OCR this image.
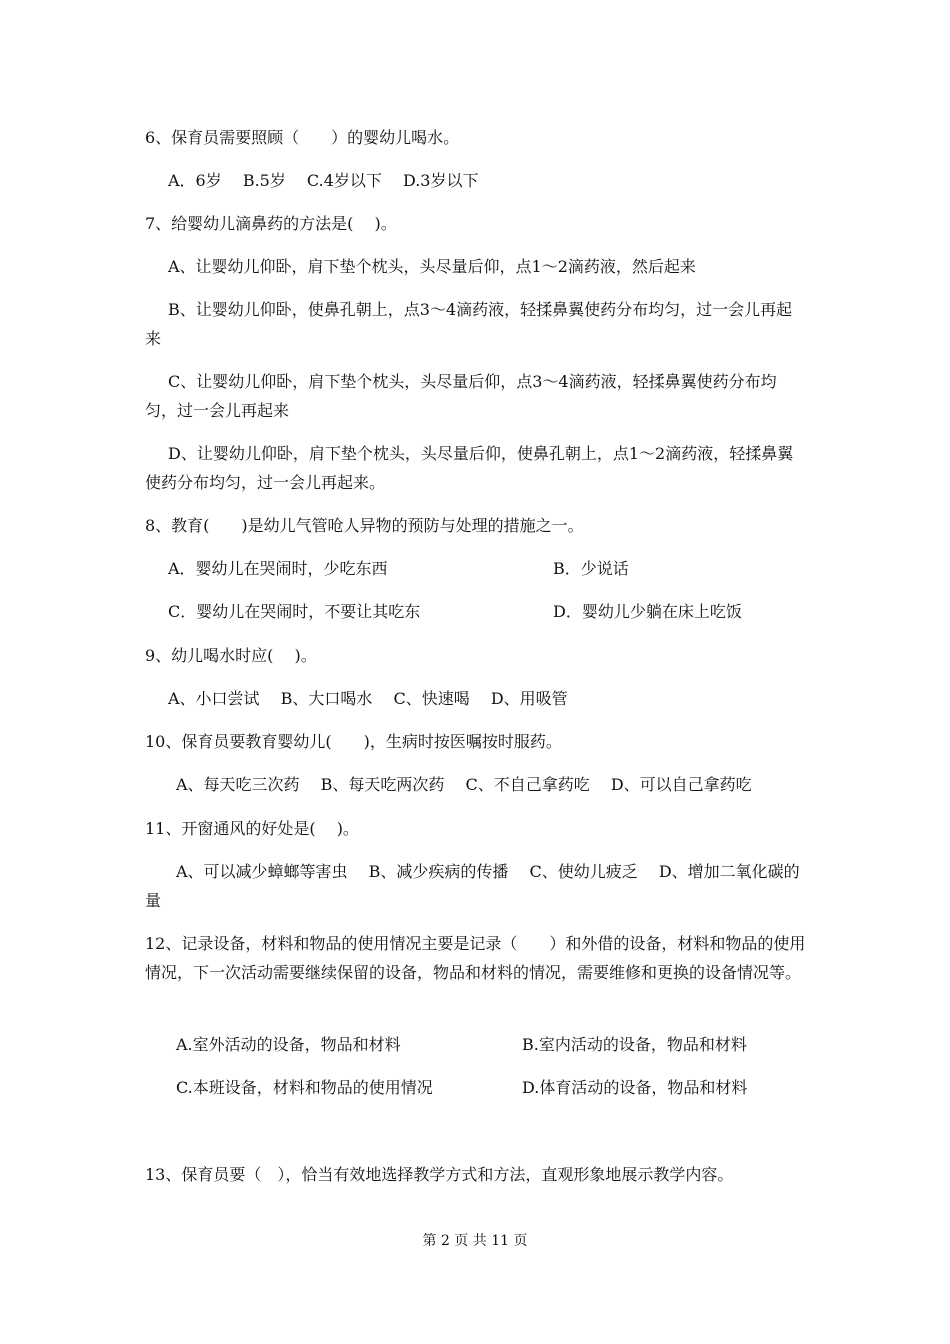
6、保育员需要照顾（　　）的婴幼儿喝水。
A．6岁　 B.5岁　 C.4岁以下　 D.3岁以下
7、给婴幼儿滴鼻药的方法是(　 )。
A、让婴幼儿仰卧，肩下垫个枕头，头尽量后仰，点1～2滴药液，然后起来
B、让婴幼儿仰卧，使鼻孔朝上，点3～4滴药液，轻揉鼻翼使药分布均匀，过一会儿再起来
C、让婴幼儿仰卧，肩下垫个枕头，头尽量后仰，点3～4滴药液，轻揉鼻翼使药分布均匀，过一会儿再起来
D、让婴幼儿仰卧，肩下垫个枕头，头尽量后仰，使鼻孔朝上，点1～2滴药液，轻揉鼻翼使药分布均匀，过一会儿再起来。
8、教育(　　)是幼儿气管呛人异物的预防与处理的措施之一。
A．婴幼儿在哭闹时，少吃东西	B．少说话
C．婴幼儿在哭闹时，不要让其吃东	D．婴幼儿少躺在床上吃饭
9、幼儿喝水时应(　 )。
A、小口尝试　 B、大口喝水　 C、快速喝　 D、用吸管
10、保育员要教育婴幼儿(　　)，生病时按医嘱按时服药。
A、每天吃三次药　 B、每天吃两次药　 C、不自己拿药吃　 D、可以自己拿药吃
11、开窗通风的好处是(　 )。
A、可以减少蟑螂等害虫　 B、减少疾病的传播　 C、使幼儿疲乏　 D、增加二氧化碳的量
12、记录设备，材料和物品的使用情况主要是记录（　　）和外借的设备，材料和物品的使用情况，下一次活动需要继续保留的设备，物品和材料的情况，需要维修和更换的设备情况等。
A.室外活动的设备，物品和材料	B.室内活动的设备，物品和材料
C.本班设备，材料和物品的使用情况	D.体育活动的设备，物品和材料
13、保育员要（　），恰当有效地选择教学方式和方法，直观形象地展示教学内容。
第 2 页 共 11 页
